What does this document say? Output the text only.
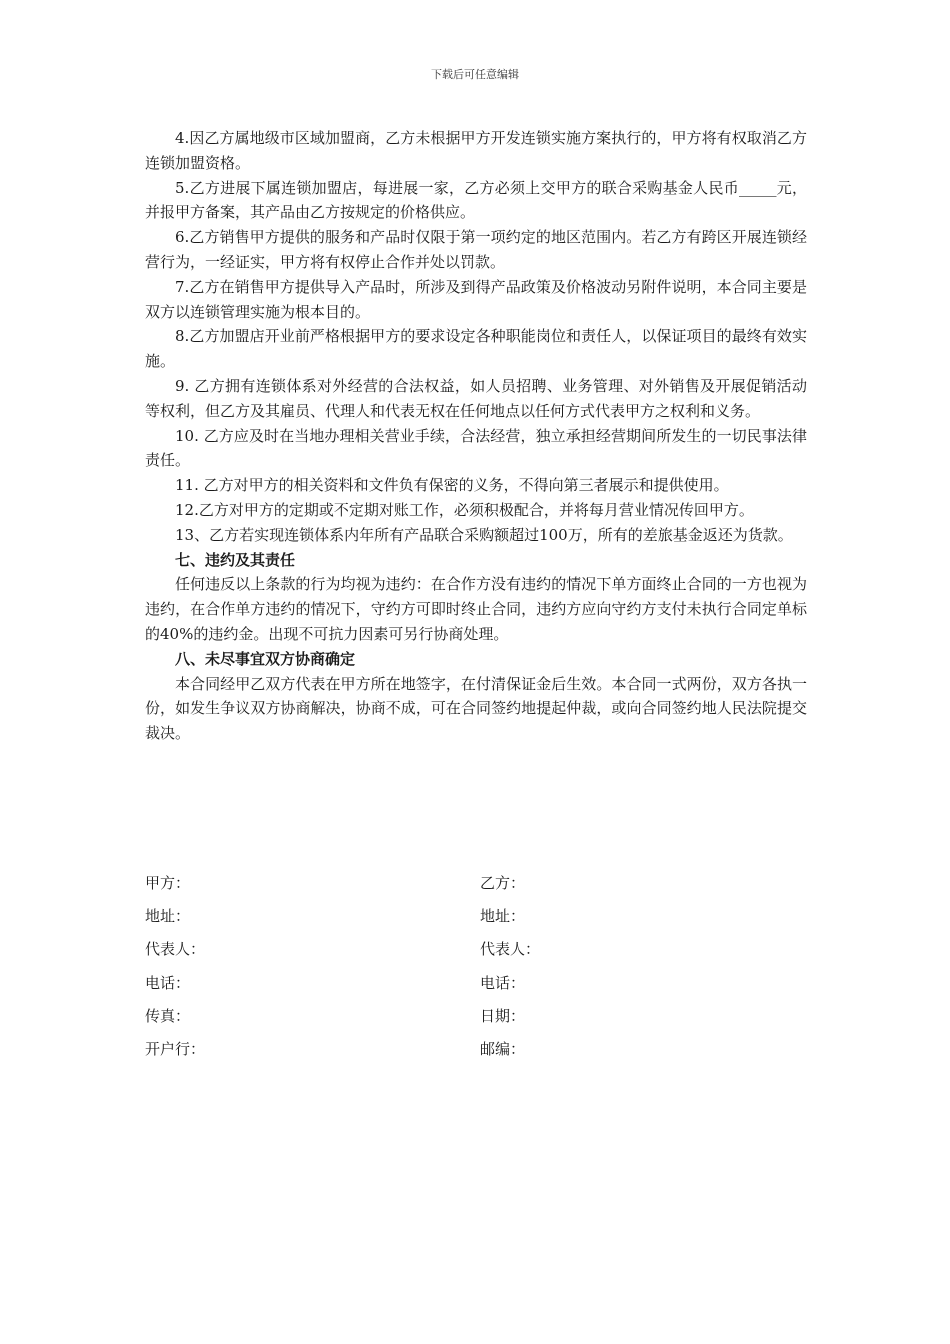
下载后可任意编辑

4.因乙方属地级市区域加盟商，乙方未根据甲方开发连锁实施方案执行的，甲方将有权取消乙方连锁加盟资格。

5.乙方进展下属连锁加盟店，每进展一家，乙方必须上交甲方的联合采购基金人民币_____元，并报甲方备案，其产品由乙方按规定的价格供应。

6.乙方销售甲方提供的服务和产品时仅限于第一项约定的地区范围内。若乙方有跨区开展连锁经营行为，一经证实，甲方将有权停止合作并处以罚款。

7.乙方在销售甲方提供导入产品时，所涉及到得产品政策及价格波动另附件说明，本合同主要是双方以连锁管理实施为根本目的。

8.乙方加盟店开业前严格根据甲方的要求设定各种职能岗位和责任人，以保证项目的最终有效实施。

9. 乙方拥有连锁体系对外经营的合法权益，如人员招聘、业务管理、对外销售及开展促销活动等权利，但乙方及其雇员、代理人和代表无权在任何地点以任何方式代表甲方之权利和义务。

10. 乙方应及时在当地办理相关营业手续，合法经营，独立承担经营期间所发生的一切民事法律责任。

11. 乙方对甲方的相关资料和文件负有保密的义务，不得向第三者展示和提供使用。

12.乙方对甲方的定期或不定期对账工作，必须积极配合，并将每月营业情况传回甲方。

13、乙方若实现连锁体系内年所有产品联合采购额超过100万，所有的差旅基金返还为货款。

七、违约及其责任

任何违反以上条款的行为均视为违约：在合作方没有违约的情况下单方面终止合同的一方也视为违约，在合作单方违约的情况下，守约方可即时终止合同，违约方应向守约方支付未执行合同定单标的40%的违约金。出现不可抗力因素可另行协商处理。

八、未尽事宜双方协商确定

本合同经甲乙双方代表在甲方所在地签字，在付清保证金后生效。本合同一式两份，双方各执一份，如发生争议双方协商解决，协商不成，可在合同签约地提起仲裁，或向合同签约地人民法院提交裁决。

甲方：	乙方：
地址：	地址：
代表人：	代表人：
电话：	电话：
传真：	日期：
开户行：	邮编：
